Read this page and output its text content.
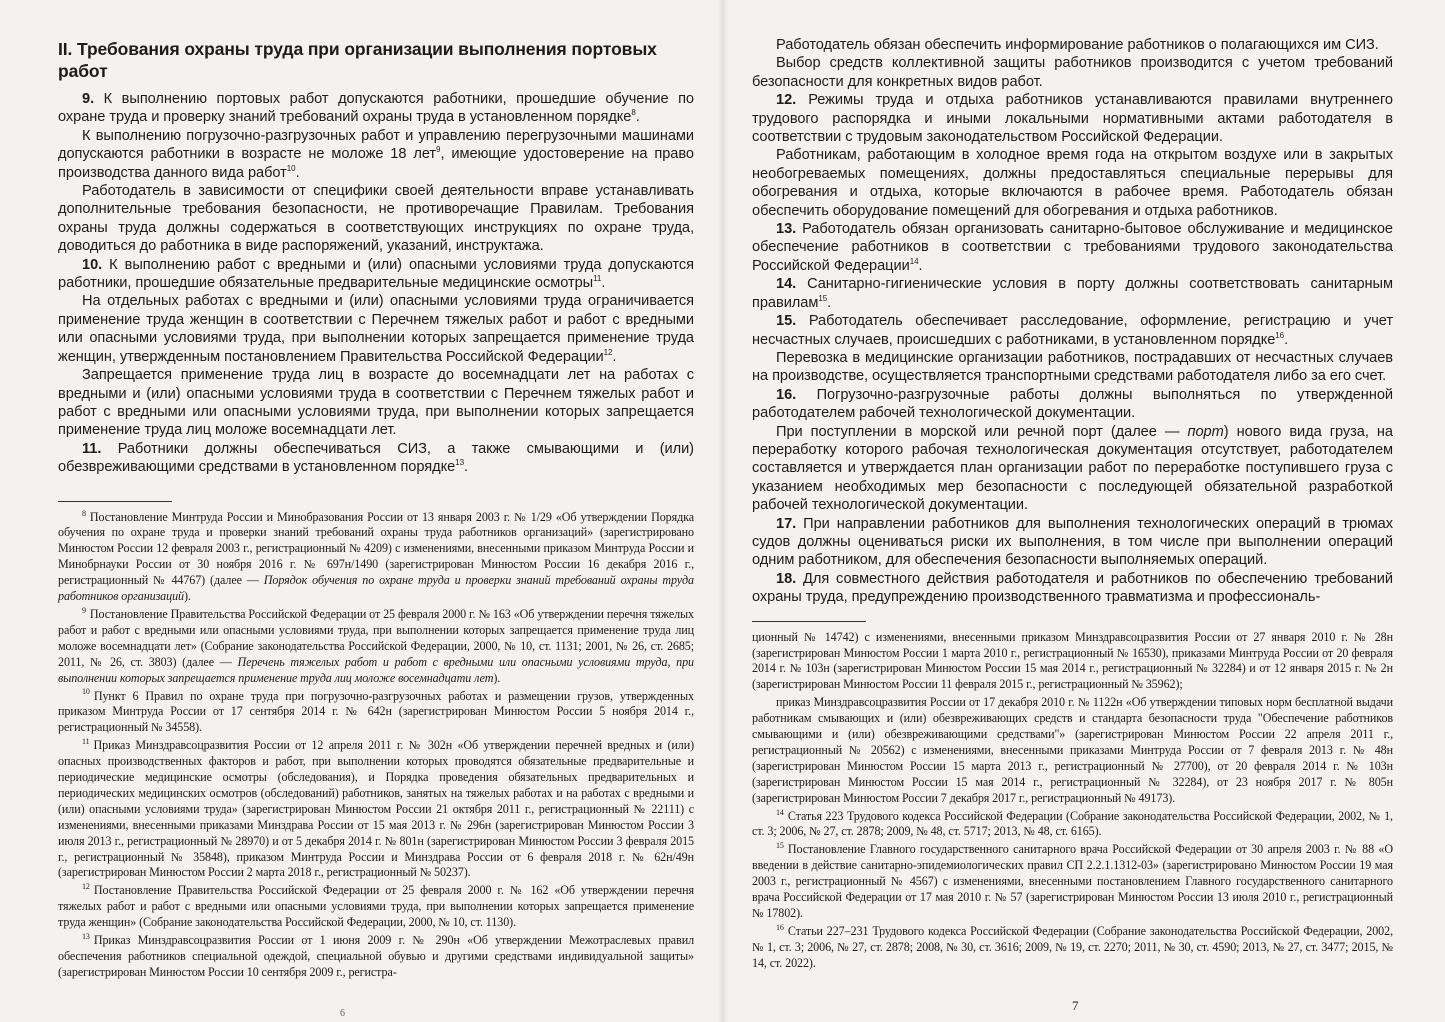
II. Требования охраны труда при организации выполнения портовых работ

9. К выполнению портовых работ допускаются работники, прошедшие обучение по охране труда и проверку знаний требований охраны труда в установленном порядке$^8$.

К выполнению погрузочно-разгрузочных работ и управлению перегрузочными машинами допускаются работники в возрасте не моложе 18 лет$^9$, имеющие удостоверение на право производства данного вида работ$^{10}$.

Работодатель в зависимости от специфики своей деятельности вправе устанавливать дополнительные требования безопасности, не противоречащие Правилам. Требования охраны труда должны содержаться в соответствующих инструкциях по охране труда, доводиться до работника в виде распоряжений, указаний, инструктажа.

10. К выполнению работ с вредными и (или) опасными условиями труда допускаются работники, прошедшие обязательные предварительные медицинские осмотры$^{11}$.

На отдельных работах с вредными и (или) опасными условиями труда ограничивается применение труда женщин в соответствии с Перечнем тяжелых работ и работ с вредными или опасными условиями труда, при выполнении которых запрещается применение труда женщин, утвержденным постановлением Правительства Российской Федерации$^{12}$.

Запрещается применение труда лиц в возрасте до восемнадцати лет на работах с вредными и (или) опасными условиями труда в соответствии с Перечнем тяжелых работ и работ с вредными или опасными условиями труда, при выполнении которых запрещается применение труда лиц моложе восемнадцати лет.

11. Работники должны обеспечиваться СИЗ, а также смывающими и (или) обезвреживающими средствами в установленном порядке$^{13}$.

$^8$ Постановление Минтруда России и Минобразования России от 13 января 2003 г. № 1/29 «Об утверждении Порядка обучения по охране труда и проверки знаний требований охраны труда работников организаций» (зарегистрировано Минюстом России 12 февраля 2003 г., регистрационный № 4209) с изменениями, внесенными приказом Минтруда России и Минобрнауки России от 30 ноября 2016 г. № 697н/1490 (зарегистрирован Минюстом России 16 декабря 2016 г., регистрационный № 44767) (далее — Порядок обучения по охране труда и проверки знаний требований охраны труда работников организаций).

$^9$ Постановление Правительства Российской Федерации от 25 февраля 2000 г. № 163 «Об утверждении перечня тяжелых работ и работ с вредными или опасными условиями труда, при выполнении которых запрещается применение труда лиц моложе восемнадцати лет» (Собрание законодательства Российской Федерации, 2000, № 10, ст. 1131; 2001, № 26, ст. 2685; 2011, № 26, ст. 3803) (далее — Перечень тяжелых работ и работ с вредными или опасными условиями труда, при выполнении которых запрещается применение труда лиц моложе восемнадцати лет).

$^{10}$ Пункт 6 Правил по охране труда при погрузочно-разгрузочных работах и размещении грузов, утвержденных приказом Минтруда России от 17 сентября 2014 г. № 642н (зарегистрирован Минюстом России 5 ноября 2014 г., регистрационный № 34558).

$^{11}$ Приказ Минздравсоцразвития России от 12 апреля 2011 г. № 302н «Об утверждении перечней вредных и (или) опасных производственных факторов и работ, при выполнении которых проводятся обязательные предварительные и периодические медицинские осмотры (обследования), и Порядка проведения обязательных предварительных и периодических медицинских осмотров (обследований) работников, занятых на тяжелых работах и на работах с вредными и (или) опасными условиями труда» (зарегистрирован Минюстом России 21 октября 2011 г., регистрационный № 22111) с изменениями, внесенными приказами Минздрава России от 15 мая 2013 г. № 296н (зарегистрирован Минюстом России 3 июля 2013 г., регистрационный № 28970) и от 5 декабря 2014 г. № 801н (зарегистрирован Минюстом России 3 февраля 2015 г., регистрационный № 35848), приказом Минтруда России и Минздрава России от 6 февраля 2018 г. № 62н/49н (зарегистрирован Минюстом России 2 марта 2018 г., регистрационный № 50237).

$^{12}$ Постановление Правительства Российской Федерации от 25 февраля 2000 г. № 162 «Об утверждении перечня тяжелых работ и работ с вредными или опасными условиями труда, при выполнении которых запрещается применение труда женщин» (Собрание законодательства Российской Федерации, 2000, № 10, ст. 1130).

$^{13}$ Приказ Минздравсоцразвития России от 1 июня 2009 г. № 290н «Об утверждении Межотраслевых правил обеспечения работников специальной одеждой, специальной обувью и другими средствами индивидуальной защиты» (зарегистрирован Минюстом России 10 сентября 2009 г., регистра-

6

Работодатель обязан обеспечить информирование работников о полагающихся им СИЗ.

Выбор средств коллективной защиты работников производится с учетом требований безопасности для конкретных видов работ.

12. Режимы труда и отдыха работников устанавливаются правилами внутреннего трудового распорядка и иными локальными нормативными актами работодателя в соответствии с трудовым законодательством Российской Федерации.

Работникам, работающим в холодное время года на открытом воздухе или в закрытых необогреваемых помещениях, должны предоставляться специальные перерывы для обогревания и отдыха, которые включаются в рабочее время. Работодатель обязан обеспечить оборудование помещений для обогревания и отдыха работников.

13. Работодатель обязан организовать санитарно-бытовое обслуживание и медицинское обеспечение работников в соответствии с требованиями трудового законодательства Российской Федерации$^{14}$.

14. Санитарно-гигиенические условия в порту должны соответствовать санитарным правилам$^{15}$.

15. Работодатель обеспечивает расследование, оформление, регистрацию и учет несчастных случаев, происшедших с работниками, в установленном порядке$^{16}$.

Перевозка в медицинские организации работников, пострадавших от несчастных случаев на производстве, осуществляется транспортными средствами работодателя либо за его счет.

16. Погрузочно-разгрузочные работы должны выполняться по утвержденной работодателем рабочей технологической документации.

При поступлении в морской или речной порт (далее — порт) нового вида груза, на переработку которого рабочая технологическая документация отсутствует, работодателем составляется и утверждается план организации работ по переработке поступившего груза с указанием необходимых мер безопасности с последующей обязательной разработкой рабочей технологической документации.

17. При направлении работников для выполнения технологических операций в трюмах судов должны оцениваться риски их выполнения, в том числе при выполнении операций одним работником, для обеспечения безопасности выполняемых операций.

18. Для совместного действия работодателя и работников по обеспечению требований охраны труда, предупреждению производственного травматизма и профессиональ-

ционный № 14742) с изменениями, внесенными приказом Минздравсоцразвития России от 27 января 2010 г. № 28н (зарегистрирован Минюстом России 1 марта 2010 г., регистрационный № 16530), приказами Минтруда России от 20 февраля 2014 г. № 103н (зарегистрирован Минюстом России 15 мая 2014 г., регистрационный № 32284) и от 12 января 2015 г. № 2н (зарегистрирован Минюстом России 11 февраля 2015 г., регистрационный № 35962);

приказ Минздравсоцразвития России от 17 декабря 2010 г. № 1122н «Об утверждении типовых норм бесплатной выдачи работникам смывающих и (или) обезвреживающих средств и стандарта безопасности труда "Обеспечение работников смывающими и (или) обезвреживающими средствами"» (зарегистрирован Минюстом России 22 апреля 2011 г., регистрационный № 20562) с изменениями, внесенными приказами Минтруда России от 7 февраля 2013 г. № 48н (зарегистрирован Минюстом России 15 марта 2013 г., регистрационный № 27700), от 20 февраля 2014 г. № 103н (зарегистрирован Минюстом России 15 мая 2014 г., регистрационный № 32284), от 23 ноября 2017 г. № 805н (зарегистрирован Минюстом России 7 декабря 2017 г., регистрационный № 49173).

$^{14}$ Статья 223 Трудового кодекса Российской Федерации (Собрание законодательства Российской Федерации, 2002, № 1, ст. 3; 2006, № 27, ст. 2878; 2009, № 48, ст. 5717; 2013, № 48, ст. 6165).

$^{15}$ Постановление Главного государственного санитарного врача Российской Федерации от 30 апреля 2003 г. № 88 «О введении в действие санитарно-эпидемиологических правил СП 2.2.1.1312-03» (зарегистрировано Минюстом России 19 мая 2003 г., регистрационный № 4567) с изменениями, внесенными постановлением Главного государственного санитарного врача Российской Федерации от 17 мая 2010 г. № 57 (зарегистрирован Минюстом России 13 июля 2010 г., регистрационный № 17802).

$^{16}$ Статьи 227–231 Трудового кодекса Российской Федерации (Собрание законодательства Российской Федерации, 2002, № 1, ст. 3; 2006, № 27, ст. 2878; 2008, № 30, ст. 3616; 2009, № 19, ст. 2270; 2011, № 30, ст. 4590; 2013, № 27, ст. 3477; 2015, № 14, ст. 2022).

7
